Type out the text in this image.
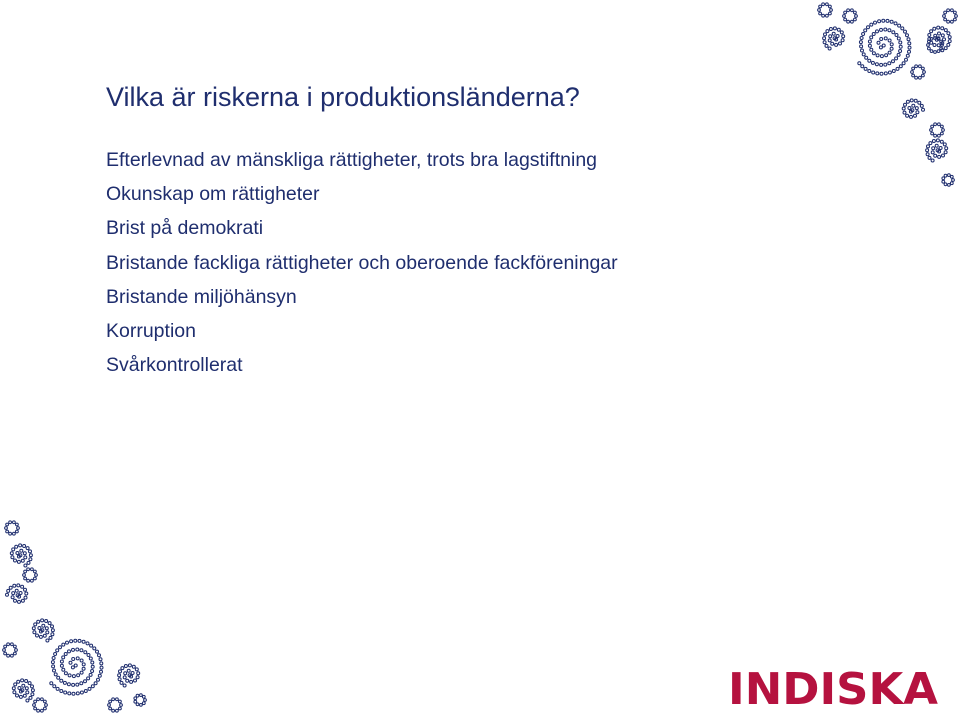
Vilka är riskerna i produktionsländerna?
Efterlevnad av mänskliga rättigheter, trots bra lagstiftning
Okunskap om rättigheter
Brist på demokrati
Bristande fackliga rättigheter och oberoende fackföreningar
Bristande miljöhänsyn
Korruption
Svårkontrollerat
INDISKA
